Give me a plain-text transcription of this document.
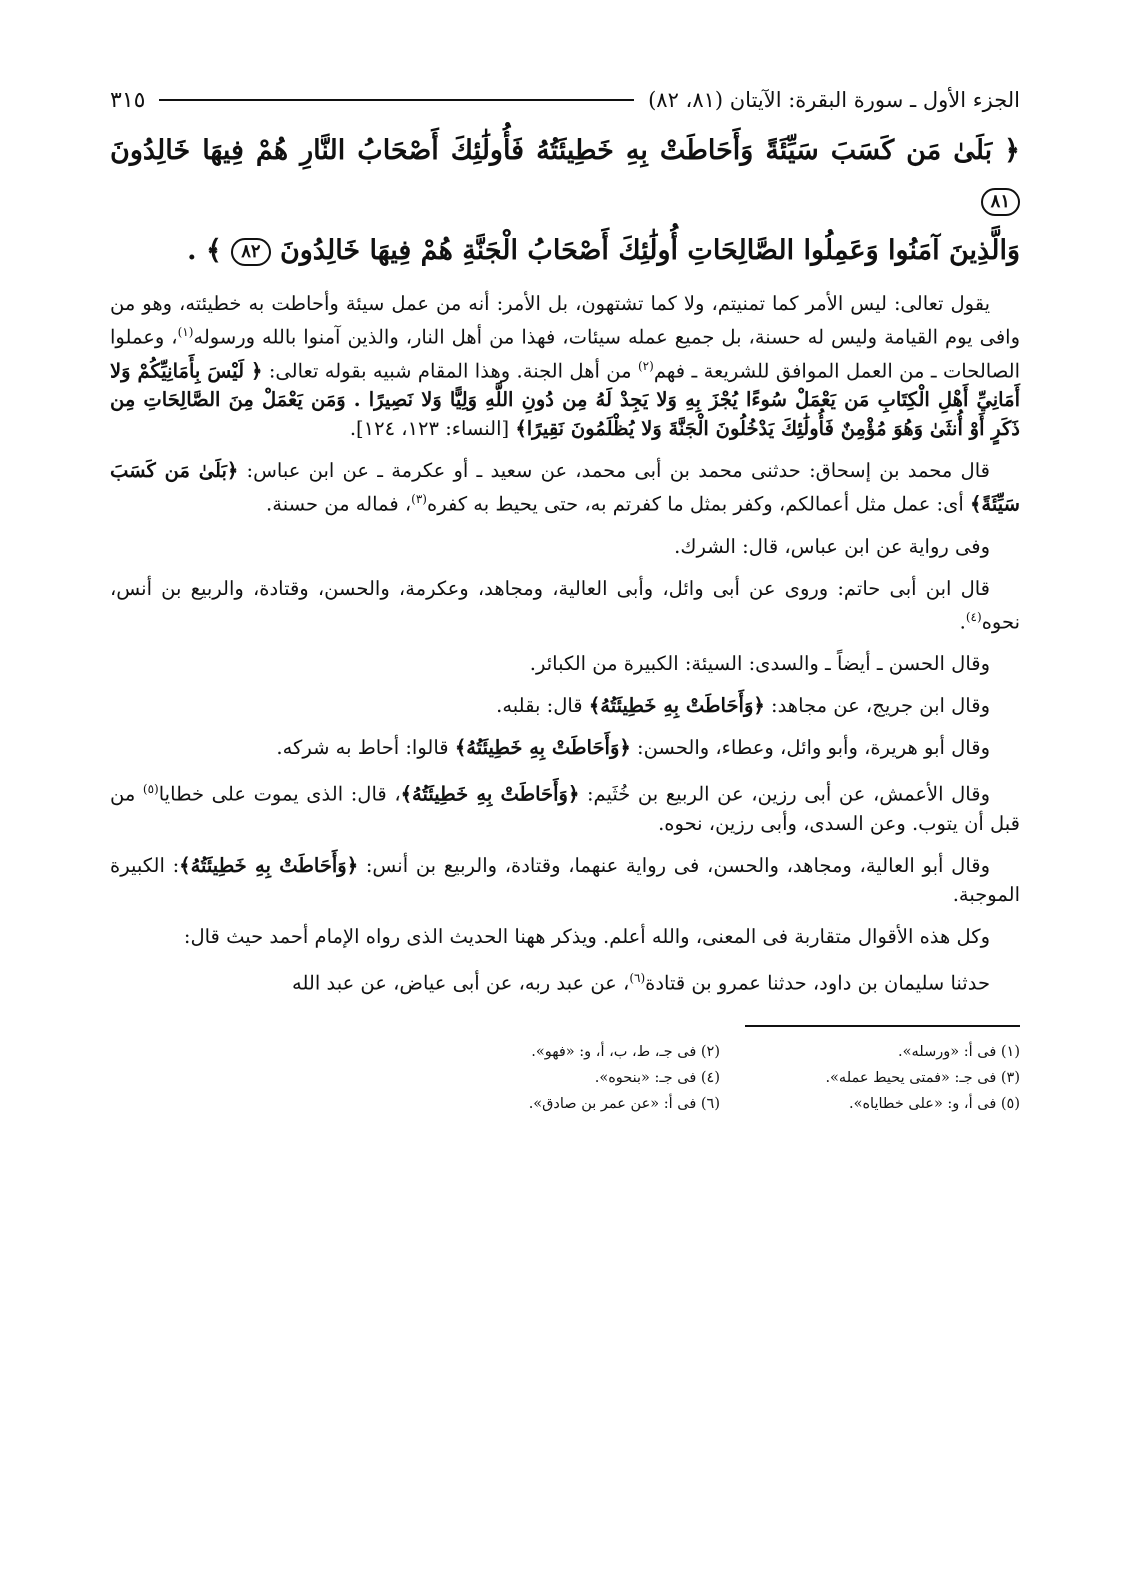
الجزء الأول ـ سورة البقرة: الآيتان (٨١، ٨٢)
٣١٥
﴿ بَلَىٰ مَن كَسَبَ سَيِّئَةً وَأَحَاطَتْ بِهِ خَطِيئَتُهُ فَأُولَٰئِكَ أَصْحَابُ النَّارِ هُمْ فِيهَا خَالِدُونَ ٨١
وَالَّذِينَ آمَنُوا وَعَمِلُوا الصَّالِحَاتِ أُولَٰئِكَ أَصْحَابُ الْجَنَّةِ هُمْ فِيهَا خَالِدُونَ ٨٢ ﴾ .

يقول تعالى: ليس الأمر كما تمنيتم، ولا كما تشتهون، بل الأمر: أنه من عمل سيئة وأحاطت به خطيئته، وهو من وافى يوم القيامة وليس له حسنة، بل جميع عمله سيئات، فهذا من أهل النار، والذين آمنوا بالله ورسوله$^{(١)}$، وعملوا الصالحات ـ من العمل الموافق للشريعة ـ فهم$^{(٢)}$ من أهل الجنة. وهذا المقام شبيه بقوله تعالى: ﴿ لَيْسَ بِأَمَانِيِّكُمْ وَلا أَمَانِيِّ أَهْلِ الْكِتَابِ مَن يَعْمَلْ سُوءًا يُجْزَ بِهِ وَلا يَجِدْ لَهُ مِن دُونِ اللَّهِ وَلِيًّا وَلا نَصِيرًا . وَمَن يَعْمَلْ مِنَ الصَّالِحَاتِ مِن ذَكَرٍ أَوْ أُنثَىٰ وَهُوَ مُؤْمِنٌ فَأُولَٰئِكَ يَدْخُلُونَ الْجَنَّةَ وَلا يُظْلَمُونَ نَقِيرًا﴾ [النساء: ١٢٣، ١٢٤].

قال محمد بن إسحاق: حدثنى محمد بن أبى محمد، عن سعيد ـ أو عكرمة ـ عن ابن عباس: ﴿بَلَىٰ مَن كَسَبَ سَيِّئَةً﴾ أى: عمل مثل أعمالكم، وكفر بمثل ما كفرتم به، حتى يحيط به كفره$^{(٣)}$، فماله من حسنة.

وفى رواية عن ابن عباس، قال: الشرك.

قال ابن أبى حاتم: وروى عن أبى وائل، وأبى العالية، ومجاهد، وعكرمة، والحسن، وقتادة، والربيع بن أنس، نحوه$^{(٤)}$.

وقال الحسن ـ أيضاً ـ والسدى: السيئة: الكبيرة من الكبائر.

وقال ابن جريج، عن مجاهد: ﴿وَأَحَاطَتْ بِهِ خَطِيئَتُهُ﴾ قال: بقلبه.

وقال أبو هريرة، وأبو وائل، وعطاء، والحسن: ﴿وَأَحَاطَتْ بِهِ خَطِيئَتُهُ﴾ قالوا: أحاط به شركه.

وقال الأعمش، عن أبى رزين، عن الربيع بن خُثَيم: ﴿وَأَحَاطَتْ بِهِ خَطِيئَتُهُ﴾، قال: الذى يموت على خطايا$^{(٥)}$ من قبل أن يتوب. وعن السدى، وأبى رزين، نحوه.

وقال أبو العالية، ومجاهد، والحسن، فى رواية عنهما، وقتادة، والربيع بن أنس: ﴿وَأَحَاطَتْ بِهِ خَطِيئَتُهُ﴾: الكبيرة الموجبة.

وكل هذه الأقوال متقاربة فى المعنى، والله أعلم. ويذكر ههنا الحديث الذى رواه الإمام أحمد حيث قال:

حدثنا سليمان بن داود، حدثنا عمرو بن قتادة$^{(٦)}$، عن عبد ربه، عن أبى عياض، عن عبد الله

(١) فى أ: «ورسله».
(٢) فى جـ، ط، ب، أ، و: «فهو».
(٣) فى جـ: «فمتى يحيط عمله».
(٤) فى جـ: «بنحوه».
(٥) فى أ، و: «على خطاياه».
(٦) فى أ: «عن عمر بن صادق».
